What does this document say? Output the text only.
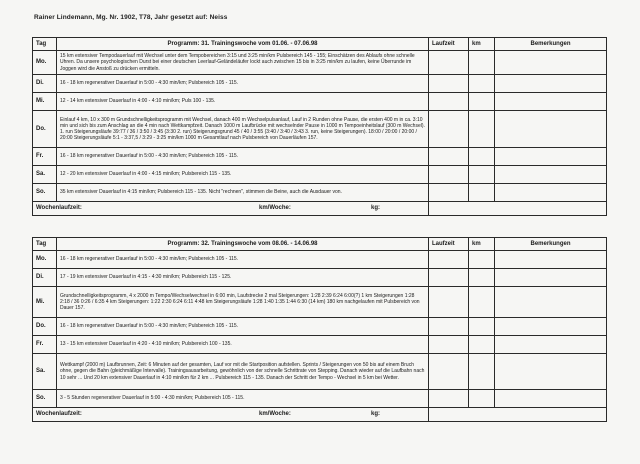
Rainer Lindemann, Mg. Nr. 1902, T78, Jahr gesetzt auf: Neiss
Tag	Programm: 31. Trainingswoche vom 01.06. - 07.06.98	Laufzeit	km	Bemerkungen
Mo.	15 km extensiver Tempodauerlauf mit Wechsel unter dem Tempobereichen 3:15 und 3:25 min/km Pulsbereich 145 - 155; Einschätzen des Ablaufs ohne schnelle Uhren. Da unsere psychologischen Durst bei einer deutschen Leerlauf-Geländeläufer lockt auch zwischen 15 bis in 3:25 min/km zu laufen, keine Überrunde im Joggen wird die Anstoß zu drücken ermitteln.			
Di.	16 - 18 km regenerativer Dauerlauf in 5:00 - 4:30 min/km; Pulsbereich 105 - 115.			
Mi.	12 - 14 km extensiver Dauerlauf in 4:00 - 4:10 min/km; Puls 100 - 135.			
Do.	Einlauf 4 km, 10 x 300 m Grundschnelligkeitsprogramm mit Wechsel, danach 400 m Wechselpulsanlauf, Lauf in 2 Runden ohne Pause, die ersten 400 m in ca. 3:10 min und sich bis zum Anschlag an die 4 min nach Wettkampfzeit. Danach 1000 m Laufbrücke mit wechselnder Pause in 1000 m Tempoeinheitslauf (300 m Wechsel). 1. run Steigerungsläufe 39:77 / 36 / 3:50 / 3:45 (3:30 2. run) Steigerungsgrund 45 / 40 / 3:55 (3:40 / 3:40 / 3:43 3. run, keine Steigerungen). 18:00 / 20:00 / 20:00 / 20:00 Steigerungsläufe 5:1 - 3:37,5 / 3:29 - 3:25 min/km 1000 m Gesamtlauf nach Pulsbereich von Dauerläufen 157.			
Fr.	16 - 18 km regenerativer Dauerlauf in 5:00 - 4:30 min/km; Pulsbereich 105 - 115.			
Sa.	12 - 20 km extensiver Dauerlauf in 4:00 - 4:15 min/km; Pulsbereich 115 - 135.			
So.	35 km extensiver Dauerlauf in 4:15 min/km; Pulsbereich 115 - 135. Nicht "rechnen", stimmen die Beine, auch die Ausdauer von.			
Wochenlaufzeit: km/Woche: kg:				

Tag	Programm: 32. Trainingswoche vom 08.06. - 14.06.98	Laufzeit	km	Bemerkungen
Mo.	16 - 18 km regenerativer Dauerlauf in 5:00 - 4:30 min/km; Pulsbereich 105 - 115.			
Di.	17 - 19 km extensiver Dauerlauf in 4:15 - 4:30 min/km; Pulsbereich 115 - 125.			
Mi.	Grundschnelligkeitsprogramm, 4 x 2000 m Tempo/Wechselwechsel in 6:00 min, Laufstrecke 2 mal Steigerungen: 1:28 2:39 6:24 6:00(?) 1 km Steigerungen 1:28 2:18 / 36 0:26 / 6:35 4 km Steigerungen: 1:22 2:30 6:24 6:11 4:48 km Steigerungsläufe 1:28 1:40 1:35 1:44 6:30 (14 km) 180 km nachgelaufen mit Pulsbereich von Dauer 157.			
Do.	16 - 18 km regenerativer Dauerlauf in 5:00 - 4:30 min/km; Pulsbereich 105 - 115.			
Fr.	13 - 15 km extensiver Dauerlauf in 4:20 - 4:10 min/km; Pulsbereich 100 - 135.			
Sa.	Wettkampf (2000 m) Laufbrunnen, Zeit: 6 Minuten auf der gesamten, Lauf vor mit die Startposition aufstellen. Sprints / Steigerungen von 50 bis auf einem Bruch ohne, gegen die Bahn (gleichmäßige Intervalle). Trainingsausarbeitung, gewöhnlich von der schnelle Schrittrate von Stepping. Danach wieder auf die Laufbahn nach 10 sehr ... Und 20 km extensiver Dauerlauf in 4:10 min/km für 2 km ... Pulsbereich 115 - 135. Danach der Schritt der Tempo - Wechsel in 5 km bei Wetter.			
So.	3 - 5 Stunden regenerativer Dauerlauf in 5:00 - 4:30 min/km; Pulsbereich 105 - 115.			
Wochenlaufzeit: km/Woche: kg:				
